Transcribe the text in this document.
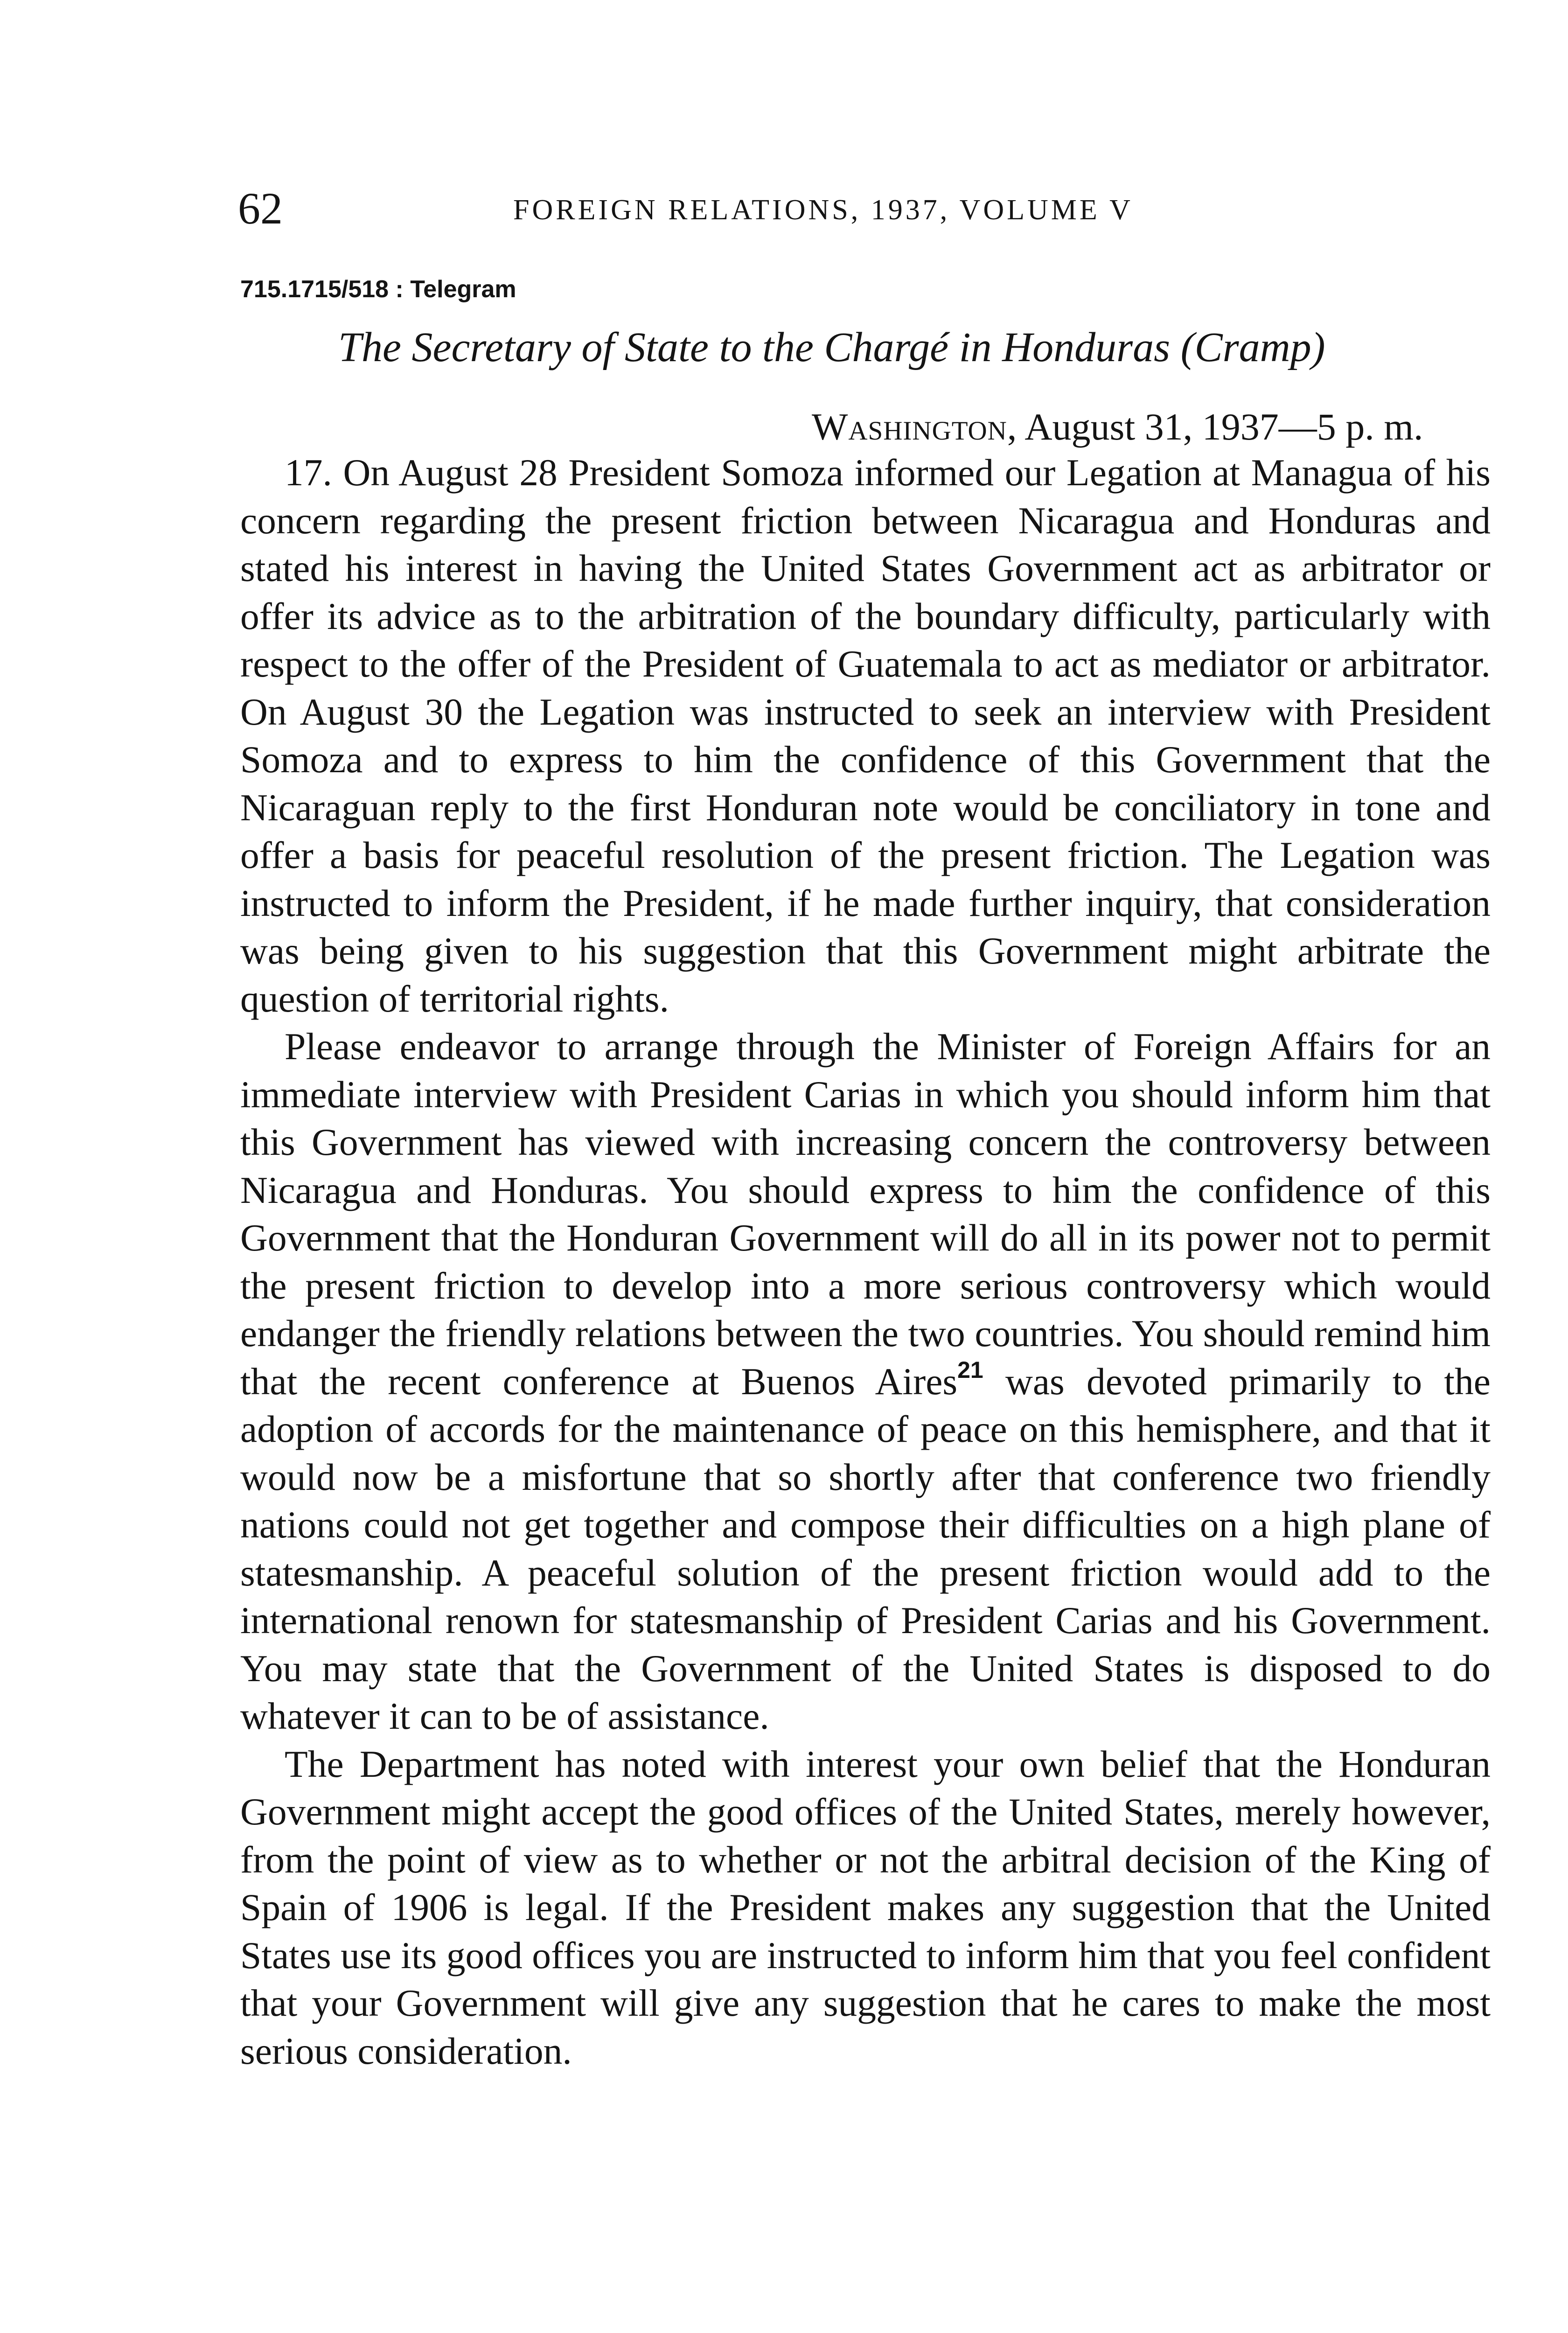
62	FOREIGN RELATIONS, 1937, VOLUME V
715.1715/518 : Telegram
The Secretary of State to the Chargé in Honduras (Cramp)
Washington, August 31, 1937—5 p. m.

17. On August 28 President Somoza informed our Legation at Managua of his concern regarding the present friction between Nicaragua and Honduras and stated his interest in having the United States Government act as arbitrator or offer its advice as to the arbitration of the boundary difficulty, particularly with respect to the offer of the President of Guatemala to act as mediator or arbitrator. On August 30 the Legation was instructed to seek an interview with President Somoza and to express to him the confidence of this Government that the Nicaraguan reply to the first Honduran note would be conciliatory in tone and offer a basis for peaceful resolution of the present friction. The Legation was instructed to inform the President, if he made further inquiry, that consideration was being given to his suggestion that this Government might arbitrate the question of territorial rights.

Please endeavor to arrange through the Minister of Foreign Affairs for an immediate interview with President Carias in which you should inform him that this Government has viewed with increasing concern the controversy between Nicaragua and Honduras. You should express to him the confidence of this Government that the Honduran Government will do all in its power not to permit the present friction to develop into a more serious controversy which would endanger the friendly relations between the two countries. You should remind him that the recent conference at Buenos Aires$^{21}$ was devoted primarily to the adoption of accords for the maintenance of peace on this hemisphere, and that it would now be a misfortune that so shortly after that conference two friendly nations could not get together and compose their difficulties on a high plane of statesmanship. A peaceful solution of the present friction would add to the international renown for statesmanship of President Carias and his Government. You may state that the Government of the United States is disposed to do whatever it can to be of assistance.

The Department has noted with interest your own belief that the Honduran Government might accept the good offices of the United States, merely however, from the point of view as to whether or not the arbitral decision of the King of Spain of 1906 is legal. If the President makes any suggestion that the United States use its good offices you are instructed to inform him that you feel confident that your Government will give any suggestion that he cares to make the most serious consideration.
